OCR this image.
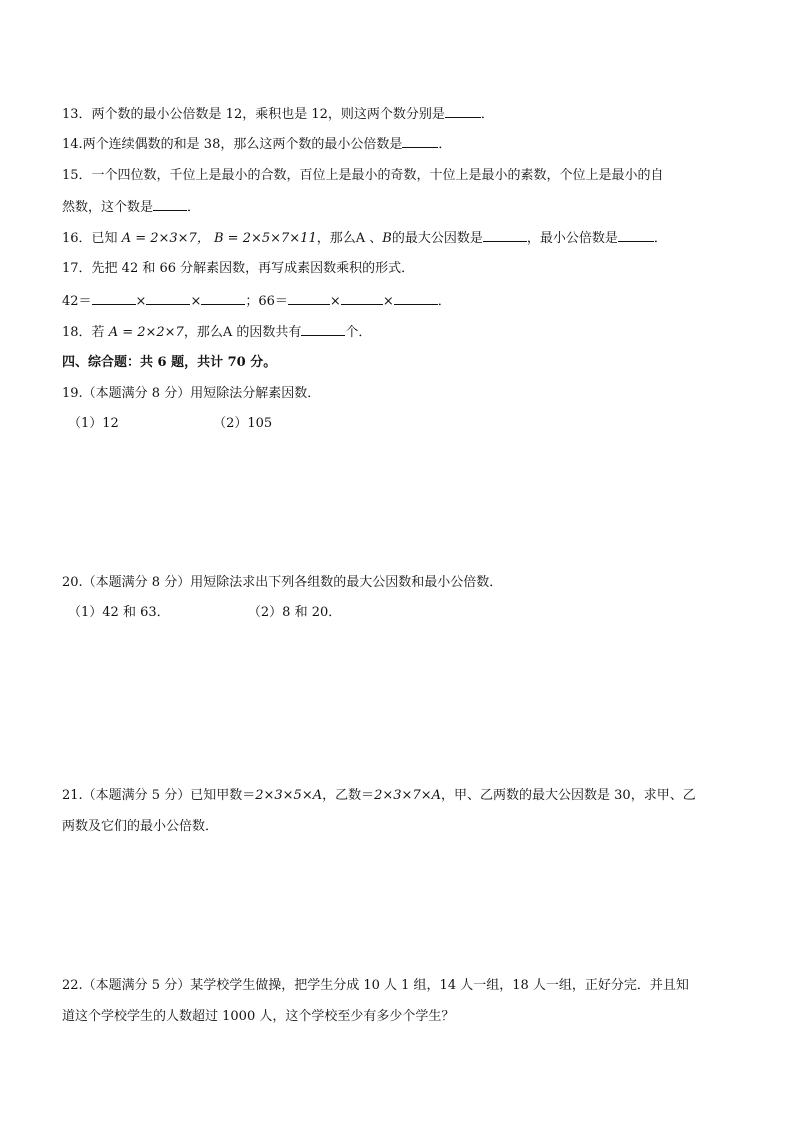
13．两个数的最小公倍数是 12，乘积也是 12，则这两个数分别是	．
14.两个连续偶数的和是 38，那么这两个数的最小公倍数是	．
15．一个四位数，千位上是最小的合数，百位上是最小的奇数，十位上是最小的素数，个位上是最小的自
然数，这个数是	．
16．已知 A = 2×3×7， B = 2×5×7×11，那么A 、B的最大公因数是	，最小公倍数是	．
17．先把 42 和 66 分解素因数，再写成素因数乘积的形式．
42＝	×	×	；66＝	×	×	．
18．若 A = 2×2×7，那么A 的因数共有	个．
四、综合题：共 6 题，共计 70 分。
19.（本题满分 8 分）用短除法分解素因数．
（1）12	（2）105
20.（本题满分 8 分）用短除法求出下列各组数的最大公因数和最小公倍数．
（1）42 和 63．	（2）8 和 20．
21.（本题满分 5 分）已知甲数＝2×3×5×A，乙数＝2×3×7×A，甲、乙两数的最大公因数是 30，求甲、乙
两数及它们的最小公倍数．
22.（本题满分 5 分）某学校学生做操，把学生分成 10 人 1 组，14 人一组，18 人一组，正好分完．并且知
道这个学校学生的人数超过 1000 人，这个学校至少有多少个学生？
